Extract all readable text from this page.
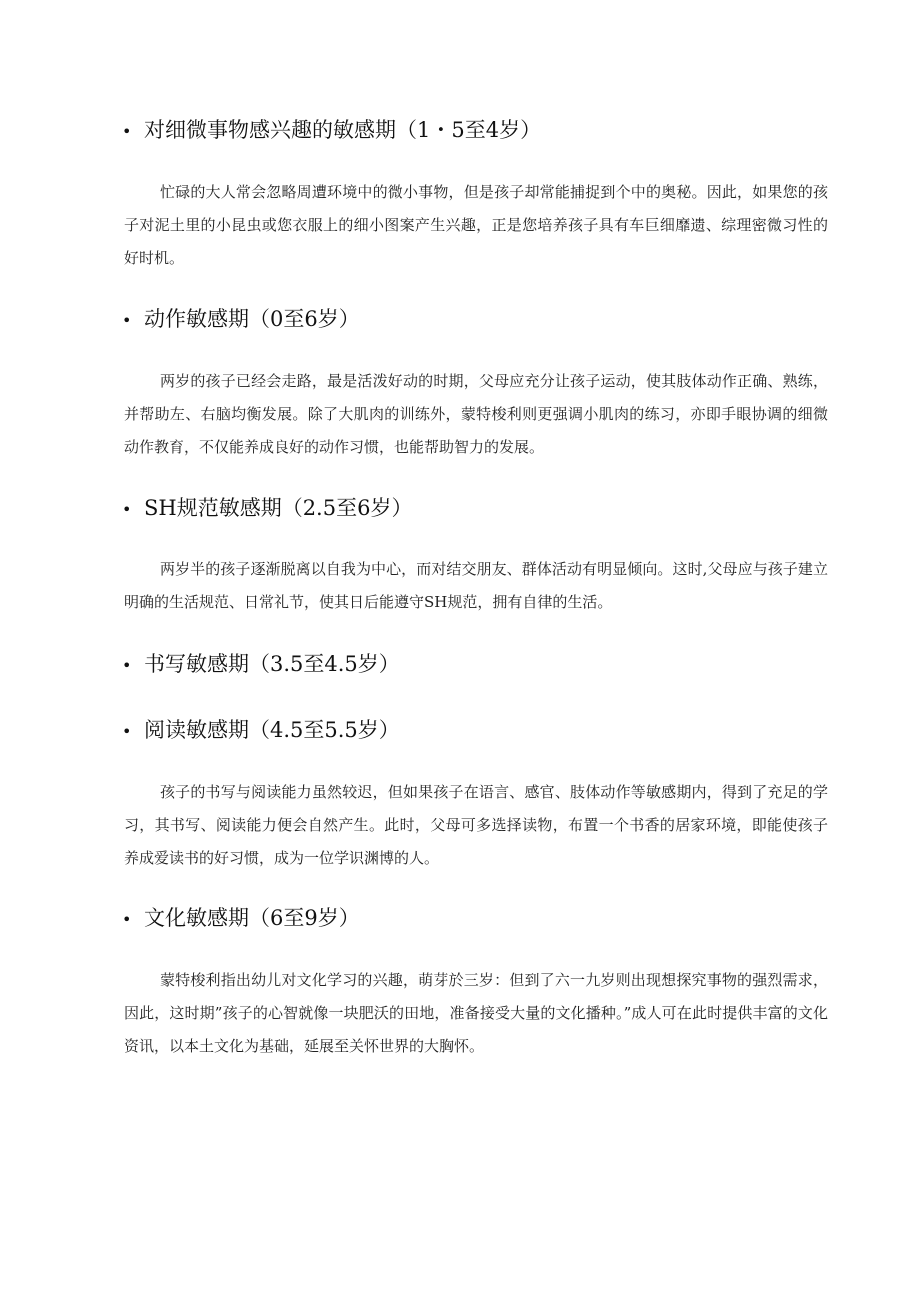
• 对细微事物感兴趣的敏感期（1・5至4岁）

忙碌的大人常会忽略周遭环境中的微小事物，但是孩子却常能捕捉到个中的奥秘。因此，如果您的孩子对泥土里的小昆虫或您衣服上的细小图案产生兴趣，正是您培养孩子具有车巨细靡遗、综理密微习性的好时机。

• 动作敏感期（0至6岁）

两岁的孩子已经会走路，最是活泼好动的时期，父母应充分让孩子运动，使其肢体动作正确、熟练，并帮助左、右脑均衡发展。除了大肌肉的训练外，蒙特梭利则更强调小肌肉的练习，亦即手眼协调的细微动作教育，不仅能养成良好的动作习惯，也能帮助智力的发展。

• SH规范敏感期（2.5至6岁）

两岁半的孩子逐渐脱离以自我为中心，而对结交朋友、群体活动有明显倾向。这时,父母应与孩子建立明确的生活规范、日常礼节，使其日后能遵守SH规范，拥有自律的生活。

• 书写敏感期（3.5至4.5岁）
• 阅读敏感期（4.5至5.5岁）

孩子的书写与阅读能力虽然较迟，但如果孩子在语言、感官、肢体动作等敏感期内，得到了充足的学习，其书写、阅读能力便会自然产生。此时，父母可多选择读物，布置一个书香的居家环境，即能使孩子养成爱读书的好习惯，成为一位学识渊博的人。

• 文化敏感期（6至9岁）

蒙特梭利指出幼儿对文化学习的兴趣，萌芽於三岁：但到了六一九岁则出现想探究事物的强烈需求，因此，这时期”孩子的心智就像一块肥沃的田地，准备接受大量的文化播种。”成人可在此时提供丰富的文化资讯，以本土文化为基础，延展至关怀世界的大胸怀。
